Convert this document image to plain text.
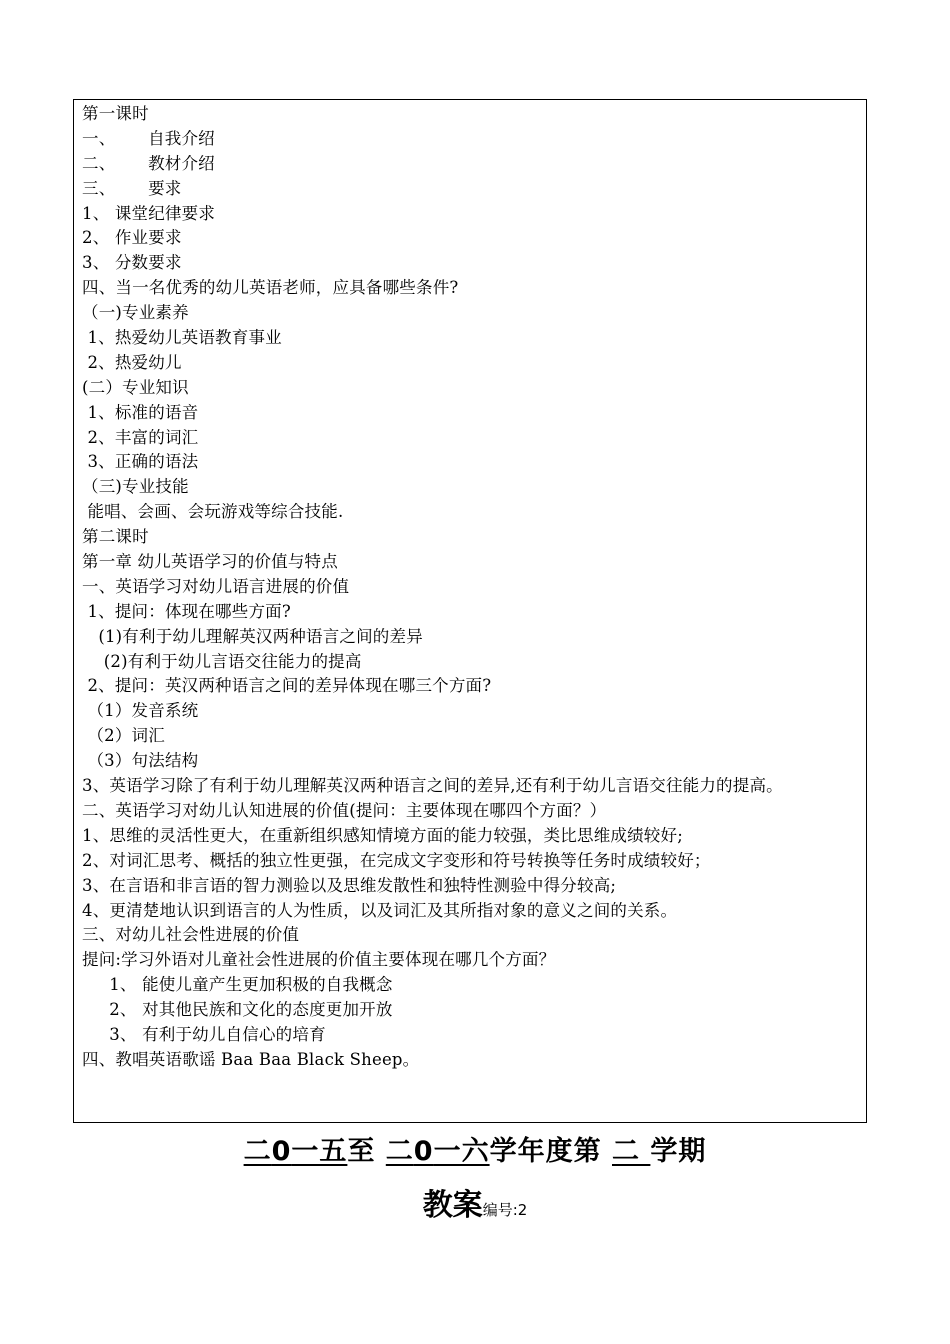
第一课时
一、      自我介绍
二、      教材介绍
三、      要求
1、 课堂纪律要求
2、 作业要求
3、 分数要求
四、当一名优秀的幼儿英语老师，应具备哪些条件?
（一)专业素养
1、热爱幼儿英语教育事业
2、热爱幼儿
(二）专业知识
1、标准的语音
2、丰富的词汇
3、正确的语法
（三)专业技能
能唱、会画、会玩游戏等综合技能.
第二课时
第一章 幼儿英语学习的价值与特点
一、英语学习对幼儿语言进展的价值
1、提问：体现在哪些方面?
(1)有利于幼儿理解英汉两种语言之间的差异
(2)有利于幼儿言语交往能力的提高
2、提问：英汉两种语言之间的差异体现在哪三个方面?
（1）发音系统
（2）词汇
（3）句法结构
3、英语学习除了有利于幼儿理解英汉两种语言之间的差异,还有利于幼儿言语交往能力的提高。
二、英语学习对幼儿认知进展的价值(提问：主要体现在哪四个方面？）
1、思维的灵活性更大，在重新组织感知情境方面的能力较强，类比思维成绩较好;
2、对词汇思考、概括的独立性更强，在完成文字变形和符号转换等任务时成绩较好；
3、在言语和非言语的智力测验以及思维发散性和独特性测验中得分较高;
4、更清楚地认识到语言的人为性质，以及词汇及其所指对象的意义之间的关系。
三、对幼儿社会性进展的价值
提问:学习外语对儿童社会性进展的价值主要体现在哪几个方面？
1、 能使儿童产生更加积极的自我概念
2、 对其他民族和文化的态度更加开放
3、 有利于幼儿自信心的培育
四、教唱英语歌谣 Baa Baa Black Sheep。
二0一五至 二0一六学年度第 二 学期
教案编号:2
